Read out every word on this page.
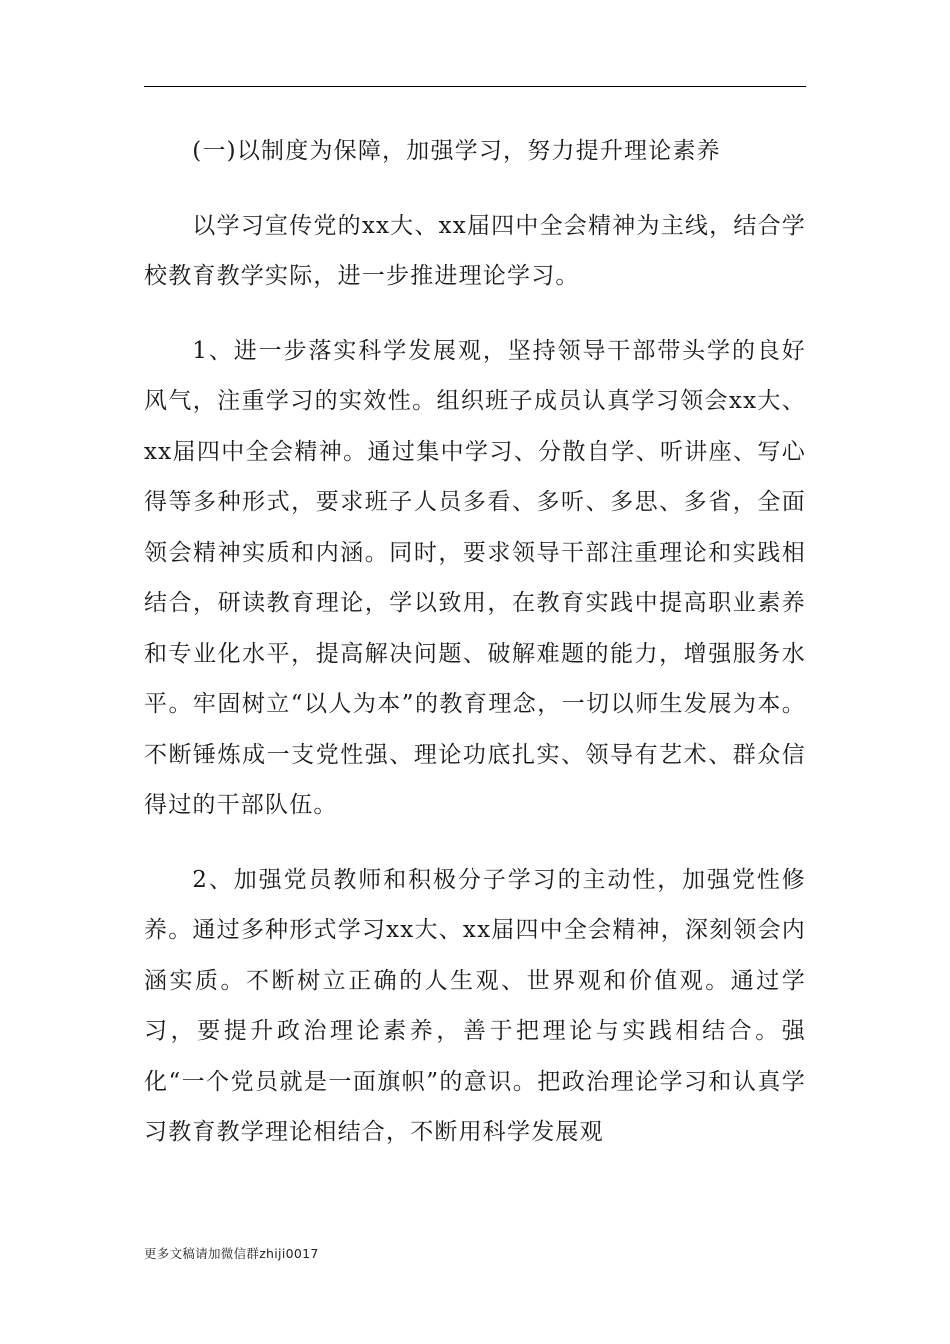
(一)以制度为保障，加强学习，努力提升理论素养

以学习宣传党的xx大、xx届四中全会精神为主线，结合学校教育教学实际，进一步推进理论学习。

1、进一步落实科学发展观，坚持领导干部带头学的良好风气，注重学习的实效性。组织班子成员认真学习领会xx大、xx届四中全会精神。通过集中学习、分散自学、听讲座、写心得等多种形式，要求班子人员多看、多听、多思、多省，全面领会精神实质和内涵。同时，要求领导干部注重理论和实践相结合，研读教育理论，学以致用，在教育实践中提高职业素养和专业化水平，提高解决问题、破解难题的能力，增强服务水平。牢固树立“以人为本”的教育理念，一切以师生发展为本。不断锤炼成一支党性强、理论功底扎实、领导有艺术、群众信得过的干部队伍。

2、加强党员教师和积极分子学习的主动性，加强党性修养。通过多种形式学习xx大、xx届四中全会精神，深刻领会内涵实质。不断树立正确的人生观、世界观和价值观。通过学习，要提升政治理论素养，善于把理论与实践相结合。强化“一个党员就是一面旗帜”的意识。把政治理论学习和认真学习教育教学理论相结合，不断用科学发展观

更多文稿请加微信群zhiji0017
